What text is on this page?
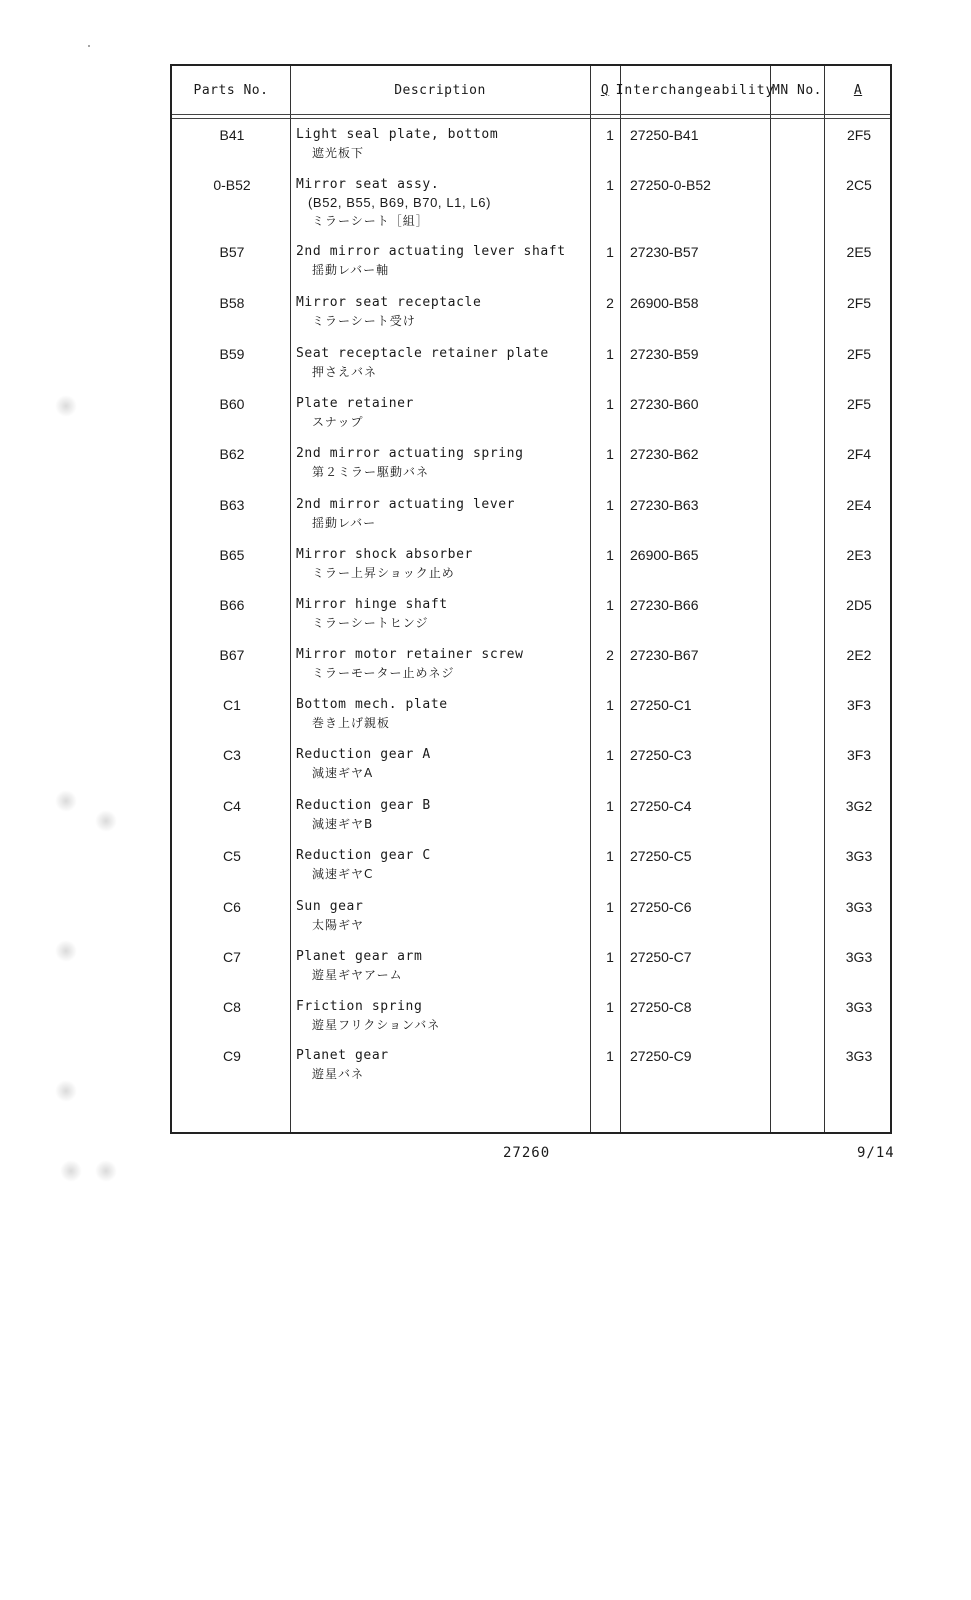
Parts No.	Description	Q Interchangeability
MN No.	A
B41	Light seal plate, bottom
遮光板下
1	27250-B41	2F5
0-B52	Mirror seat assy.
(B52, B55, B69, B70, L1, L6)
ミラーシート［組］
1	27250-0-B52	2C5
B57	2nd mirror actuating lever shaft
揺動レバー軸
1	27230-B57	2E5
B58	Mirror seat receptacle
ミラーシート受け
2	26900-B58	2F5
B59	Seat receptacle retainer plate
押さえバネ
1	27230-B59	2F5
B60	Plate retainer
スナップ
1	27230-B60	2F5
B62	2nd mirror actuating spring
第２ミラー駆動バネ
1	27230-B62	2F4
B63	2nd mirror actuating lever
揺動レバー
1	27230-B63	2E4
B65	Mirror shock absorber
ミラー上昇ショック止め
1	26900-B65	2E3
B66	Mirror hinge shaft
ミラーシートヒンジ
1	27230-B66	2D5
B67	Mirror motor retainer screw
ミラーモーター止めネジ
2	27230-B67	2E2
C1	Bottom mech. plate
巻き上げ親板
1	27250-C1	3F3
C3	Reduction gear A
減速ギヤA
1	27250-C3	3F3
C4	Reduction gear B
減速ギヤB
1	27250-C4	3G2
C5	Reduction gear C
減速ギヤC
1	27250-C5	3G3
C6	Sun gear
太陽ギヤ
1	27250-C6	3G3
C7	Planet gear arm
遊星ギヤアーム
1	27250-C7	3G3
C8	Friction spring
遊星フリクションバネ
1	27250-C8	3G3
C9	Planet gear
遊星バネ
1	27250-C9	3G3
27260	9/14
